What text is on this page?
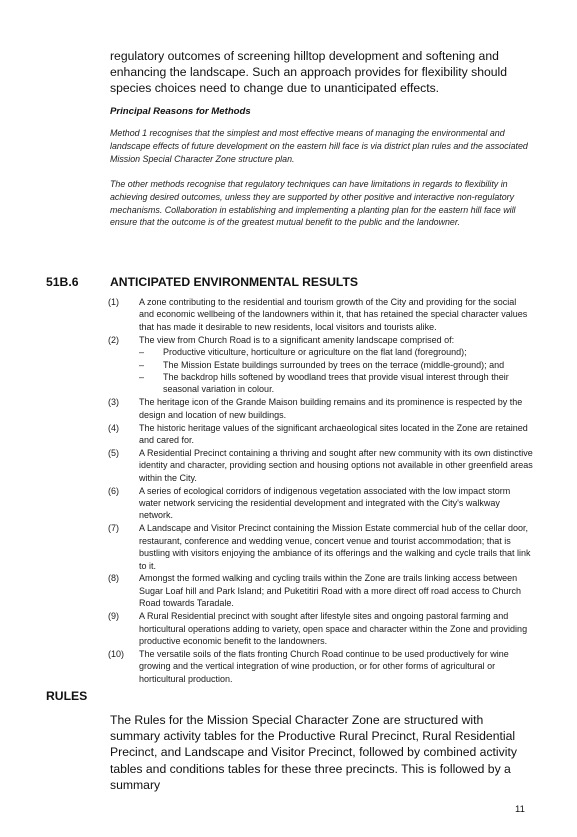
regulatory outcomes of screening hilltop development and softening and enhancing the landscape. Such an approach provides for flexibility should species choices need to change due to unanticipated effects.
Principal Reasons for Methods
Method 1 recognises that the simplest and most effective means of managing the environmental and landscape effects of future development on the eastern hill face is via district plan rules and the associated Mission Special Character Zone structure plan.
The other methods recognise that regulatory techniques can have limitations in regards to flexibility in achieving desired outcomes, unless they are supported by other positive and interactive non-regulatory mechanisms. Collaboration in establishing and implementing a planting plan for the eastern hill face will ensure that the outcome is of the greatest mutual benefit to the public and the landowner.
51B.6	ANTICIPATED ENVIRONMENTAL RESULTS
(1)	A zone contributing to the residential and tourism growth of the City and providing for the social and economic wellbeing of the landowners within it, that has retained the special character values that has made it desirable to new residents, local visitors and tourists alike.
(2)	The view from Church Road is to a significant amenity landscape comprised of:
–	Productive viticulture, horticulture or agriculture on the flat land (foreground);
–	The Mission Estate buildings surrounded by trees on the terrace (middle-ground); and
–	The backdrop hills softened by woodland trees that provide visual interest through their seasonal variation in colour.
(3)	The heritage icon of the Grande Maison building remains and its prominence is respected by the design and location of new buildings.
(4)	The historic heritage values of the significant archaeological sites located in the Zone are retained and cared for.
(5)	A Residential Precinct containing a thriving and sought after new community with its own distinctive identity and character, providing section and housing options not available in other greenfield areas within the City.
(6)	A series of ecological corridors of indigenous vegetation associated with the low impact storm water network servicing the residential development and integrated with the City's walkway network.
(7)	A Landscape and Visitor Precinct containing the Mission Estate commercial hub of the cellar door, restaurant, conference and wedding venue, concert venue and tourist accommodation; that is bustling with visitors enjoying the ambiance of its offerings and the walking and cycle trails that link to it.
(8)	Amongst the formed walking and cycling trails within the Zone are trails linking access between Sugar Loaf hill and Park Island; and Puketitiri Road with a more direct off road access to Church Road towards Taradale.
(9)	A Rural Residential precinct with sought after lifestyle sites and ongoing pastoral farming and horticultural operations adding to variety, open space and character within the Zone and providing productive economic benefit to the landowners.
(10)	The versatile soils of the flats fronting Church Road continue to be used productively for wine growing and the vertical integration of wine production, or for other forms of agricultural or horticultural production.
RULES
The Rules for the Mission Special Character Zone are structured with summary activity tables for the Productive Rural Precinct, Rural Residential Precinct, and Landscape and Visitor Precinct, followed by combined activity tables and conditions tables for these three precincts. This is followed by a summary
11
